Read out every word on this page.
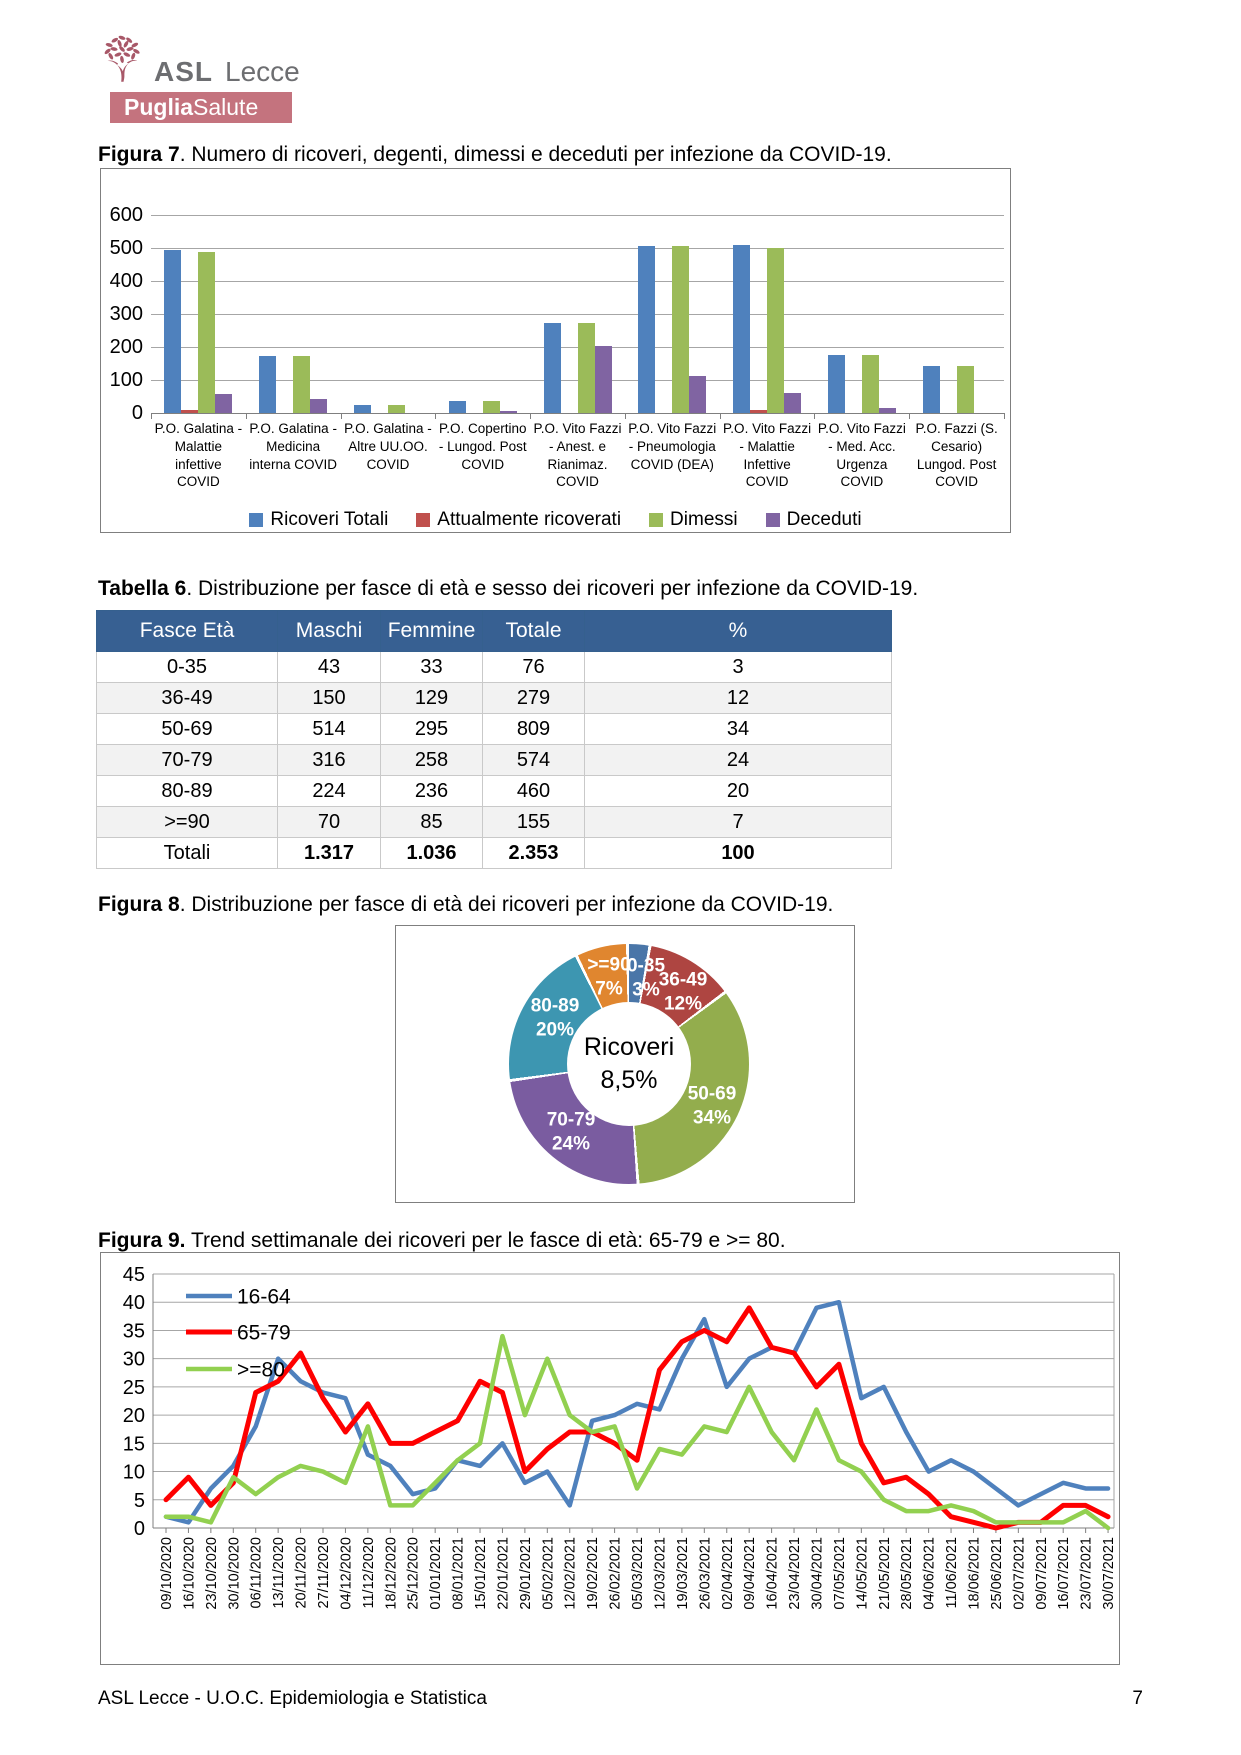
ASL Lecce
PugliaSalute

Figura 7. Numero di ricoveri, degenti, dimessi e deceduti per infezione da COVID-19.

0
100
200
300
400
500
600
P.O. Galatina - Malattie infettive COVID
P.O. Galatina - Medicina interna COVID
P.O. Galatina - Altre UU.OO. COVID
P.O. Copertino - Lungod. Post COVID
P.O. Vito Fazzi - Anest. e Rianimaz. COVID
P.O. Vito Fazzi - Pneumologia COVID (DEA)
P.O. Vito Fazzi - Malattie Infettive COVID
P.O. Vito Fazzi - Med. Acc. Urgenza COVID
P.O. Fazzi (S. Cesario) Lungod. Post COVID
Ricoveri Totali	Attualmente ricoverati	Dimessi	Deceduti

Tabella 6. Distribuzione per fasce di età e sesso dei ricoveri per infezione da COVID-19.

Fasce Età	Maschi	Femmine	Totale	%
0-35	43	33	76	3
36-49	150	129	279	12
50-69	514	295	809	34
70-79	316	258	574	24
80-89	224	236	460	20
>=90	70	85	155	7
Totali	1.317	1.036	2.353	100

Figura 8. Distribuzione per fasce di età dei ricoveri per infezione da COVID-19.

Ricoveri
8,5%
0-35
3%
36-49
12%
50-69
34%
70-79
24%
80-89
20%
>=90
7%

Figura 9. Trend settimanale dei ricoveri per le fasce di età: 65-79 e >= 80.

0
5
10
15
20
25
30
35
40
45
09/10/2020 16/10/2020 23/10/2020 30/10/2020 06/11/2020 13/11/2020 20/11/2020 27/11/2020 04/12/2020 11/12/2020 18/12/2020 25/12/2020 01/01/2021 08/01/2021 15/01/2021 22/01/2021 29/01/2021 05/02/2021 12/02/2021 19/02/2021 26/02/2021 05/03/2021 12/03/2021 19/03/2021 26/03/2021 02/04/2021 09/04/2021 16/04/2021 23/04/2021 30/04/2021 07/05/2021 14/05/2021 21/05/2021 28/05/2021 04/06/2021 11/06/2021 18/06/2021 25/06/2021 02/07/2021 09/07/2021 16/07/2021 23/07/2021 30/07/2021
16-64
65-79
>=80
7
ASL Lecce - U.O.C. Epidemiologia e Statistica
